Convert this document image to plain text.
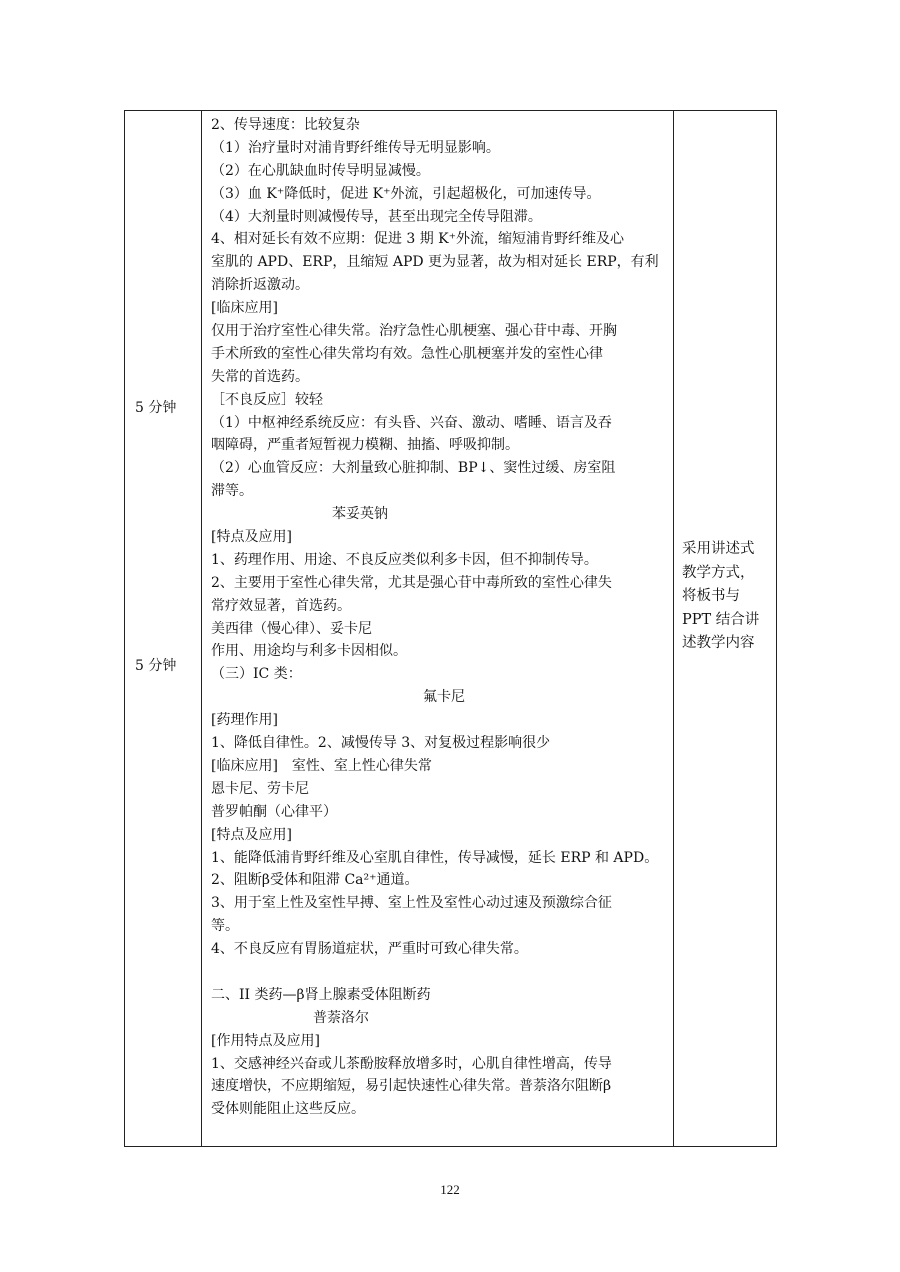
5 分钟
5 分钟
2、传导速度：比较复杂
（1）治疗量时对浦肯野纤维传导无明显影响。
（2）在心肌缺血时传导明显减慢。
（3）血 K⁺降低时，促进 K⁺外流，引起超极化，可加速传导。
（4）大剂量时则减慢传导，甚至出现完全传导阻滞。
4、相对延长有效不应期：促进 3 期 K⁺外流，缩短浦肯野纤维及心
室肌的 APD、ERP，且缩短 APD 更为显著，故为相对延长 ERP，有利
消除折返激动。
[临床应用]
仅用于治疗室性心律失常。治疗急性心肌梗塞、强心苷中毒、开胸
手术所致的室性心律失常均有效。急性心肌梗塞并发的室性心律
失常的首选药。
［不良反应］较轻
（1）中枢神经系统反应：有头昏、兴奋、激动、嗜睡、语言及吞
咽障碍，严重者短暂视力模糊、抽搐、呼吸抑制。
（2）心血管反应：大剂量致心脏抑制、BP↓、窦性过缓、房室阻
滞等。
苯妥英钠
[特点及应用]
1、药理作用、用途、不良反应类似利多卡因，但不抑制传导。
2、主要用于室性心律失常，尤其是强心苷中毒所致的室性心律失
常疗效显著，首选药。
美西律（慢心律）、妥卡尼
作用、用途均与利多卡因相似。
（三）IC 类：
氟卡尼
[药理作用]
1、降低自律性。2、减慢传导 3、对复极过程影响很少
[临床应用]　室性、室上性心律失常
恩卡尼、劳卡尼
普罗帕酮（心律平）
[特点及应用]
1、能降低浦肯野纤维及心室肌自律性，传导减慢，延长 ERP 和 APD。
2、阻断β受体和阻滞 Ca²⁺通道。
3、用于室上性及室性早搏、室上性及室性心动过速及预激综合征
等。
4、不良反应有胃肠道症状，严重时可致心律失常。
二、II 类药—β肾上腺素受体阻断药
普萘洛尔
[作用特点及应用]
1、交感神经兴奋或儿茶酚胺释放增多时，心肌自律性增高，传导
速度增快，不应期缩短，易引起快速性心律失常。普萘洛尔阻断β
受体则能阻止这些反应。
采用讲述式
教学方式，
将板书与
PPT 结合讲
述教学内容
122
